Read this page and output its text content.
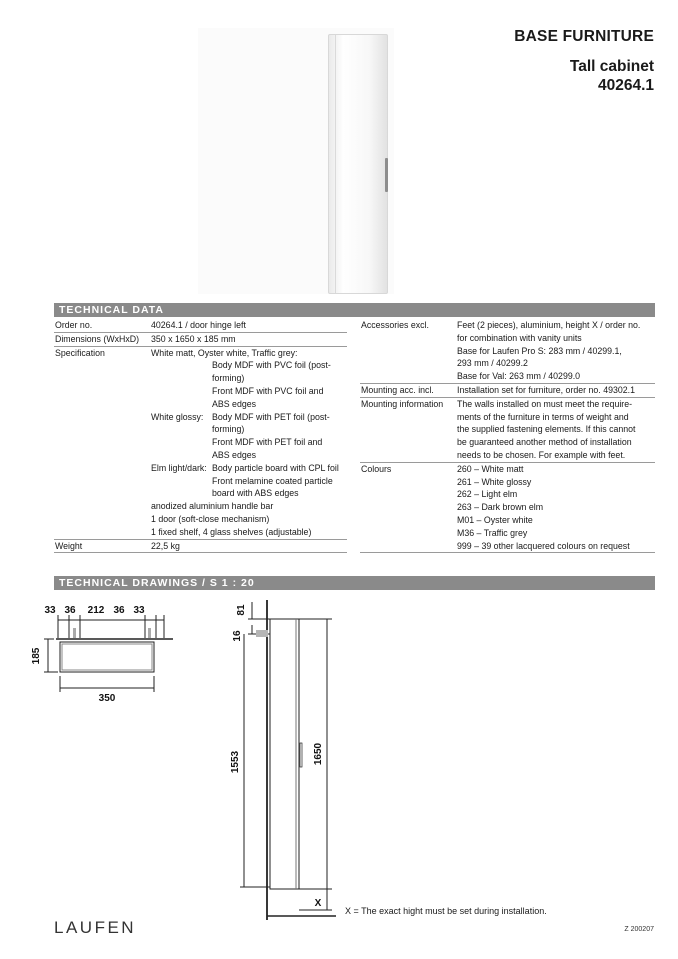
BASE FURNITURE
Tall cabinet
40264.1
TECHNICAL DATA
Order no.	40264.1 / door hinge left
Dimensions (WxHxD)	350 x 1650 x 185 mm
Specification	White matt, Oyster white, Traffic grey:
Body MDF with PVC foil (post-
forming)
Front MDF with PVC foil and
ABS edges
White glossy: Body MDF with PET foil (post-
forming)
Front MDF with PET foil and
ABS edges
Elm light/dark: Body particle board with CPL foil
Front melamine coated particle
board with ABS edges
anodized aluminium handle bar
1 door (soft-close mechanism)
1 fixed shelf, 4 glass shelves (adjustable)
Weight	22,5 kg
Accessories excl.	Feet (2 pieces), aluminium, height X / order no.
for combination with vanity units
Base for Laufen Pro S: 283 mm / 40299.1,
293 mm / 40299.2
Base for Val: 263 mm / 40299.0
Mounting acc. incl.	Installation set for furniture, order no. 49302.1
Mounting information	The walls installed on must meet the require-
ments of the furniture in terms of weight and
the supplied fastening elements. If this cannot
be guaranteed another method of installation
needs to be chosen. For example with feet.
Colours	260 – White matt
261 – White glossy
262 – Light elm
263 – Dark brown elm
M01 – Oyster white
M36 – Traffic grey
999 – 39 other lacquered colours on request
TECHNICAL DRAWINGS / S 1 : 20
33 36 212 36 33
350
185
81
16
1553	1650
X
X = The exact hight must be set during installation.
LAUFEN	Z 200207
